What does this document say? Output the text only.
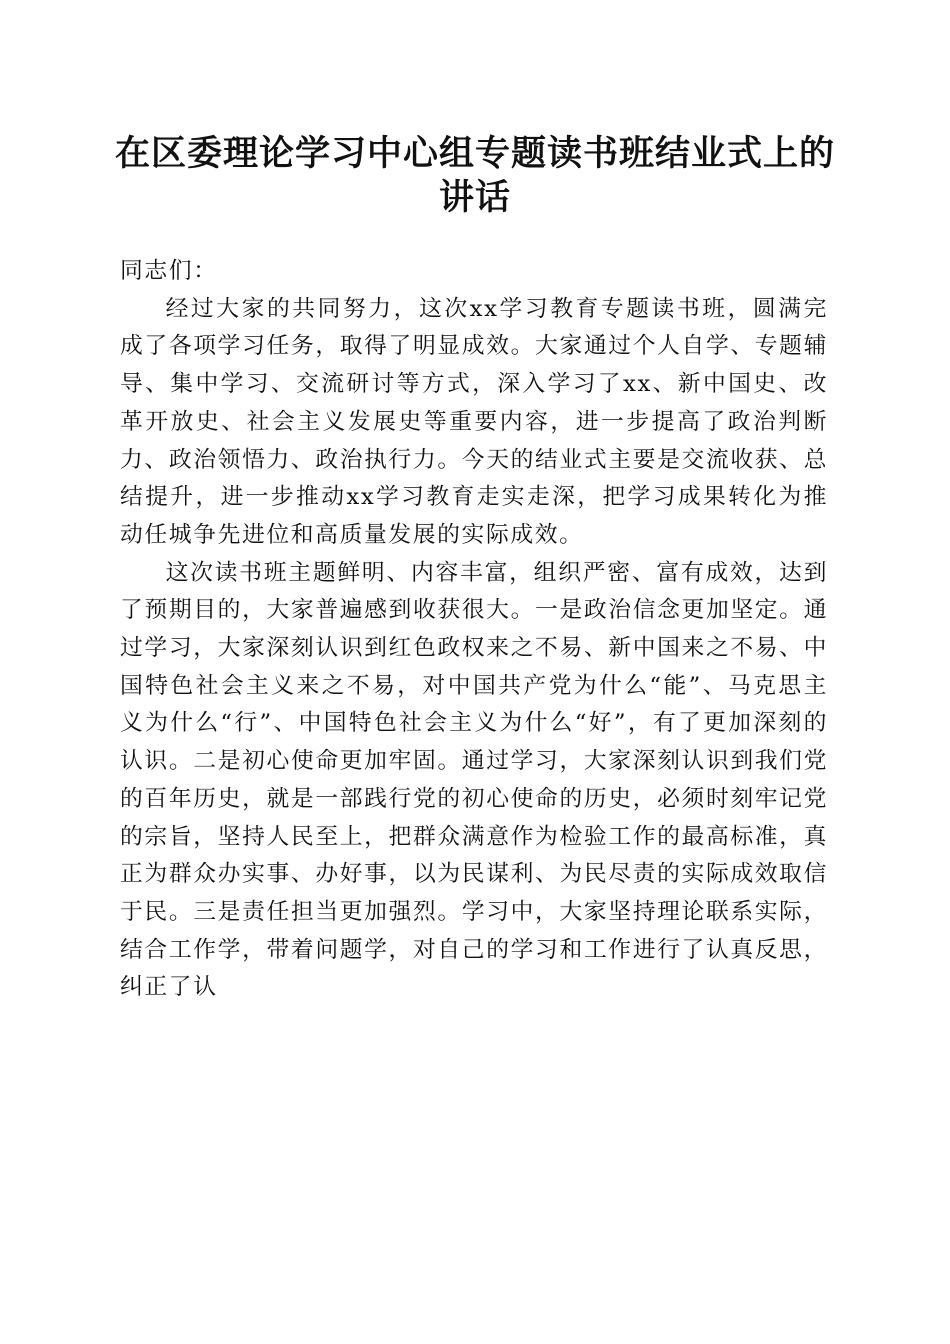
在区委理论学习中心组专题读书班结业式上的讲话

同志们：

经过大家的共同努力，这次xx学习教育专题读书班，圆满完成了各项学习任务，取得了明显成效。大家通过个人自学、专题辅导、集中学习、交流研讨等方式，深入学习了xx、新中国史、改革开放史、社会主义发展史等重要内容，进一步提高了政治判断力、政治领悟力、政治执行力。今天的结业式主要是交流收获、总结提升，进一步推动xx学习教育走实走深，把学习成果转化为推动任城争先进位和高质量发展的实际成效。

这次读书班主题鲜明、内容丰富，组织严密、富有成效，达到了预期目的，大家普遍感到收获很大。一是政治信念更加坚定。通过学习，大家深刻认识到红色政权来之不易、新中国来之不易、中国特色社会主义来之不易，对中国共产党为什么“能”、马克思主义为什么“行”、中国特色社会主义为什么“好”，有了更加深刻的认识。二是初心使命更加牢固。通过学习，大家深刻认识到我们党的百年历史，就是一部践行党的初心使命的历史，必须时刻牢记党的宗旨，坚持人民至上，把群众满意作为检验工作的最高标准，真正为群众办实事、办好事，以为民谋利、为民尽责的实际成效取信于民。三是责任担当更加强烈。学习中，大家坚持理论联系实际，结合工作学，带着问题学，对自己的学习和工作进行了认真反思，纠正了认
